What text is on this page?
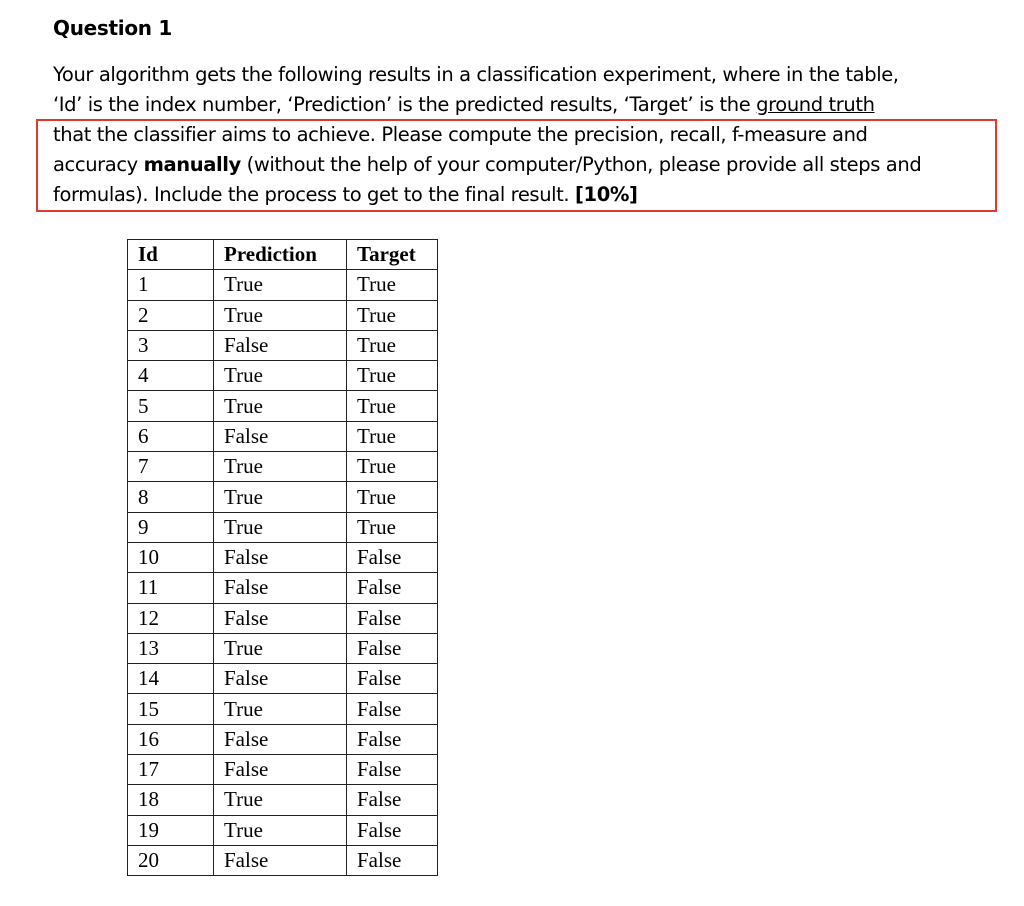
Question 1
Your algorithm gets the following results in a classification experiment, where in the table,
‘Id’ is the index number, ‘Prediction’ is the predicted results, ‘Target’ is the ground truth
that the classifier aims to achieve. Please compute the precision, recall, f-measure and
accuracy manually (without the help of your computer/Python, please provide all steps and
formulas). Include the process to get to the final result. [10%]
Id	Prediction	Target
1	True	True
2	True	True
3	False	True
4	True	True
5	True	True
6	False	True
7	True	True
8	True	True
9	True	True
10	False	False
11	False	False
12	False	False
13	True	False
14	False	False
15	True	False
16	False	False
17	False	False
18	True	False
19	True	False
20	False	False
